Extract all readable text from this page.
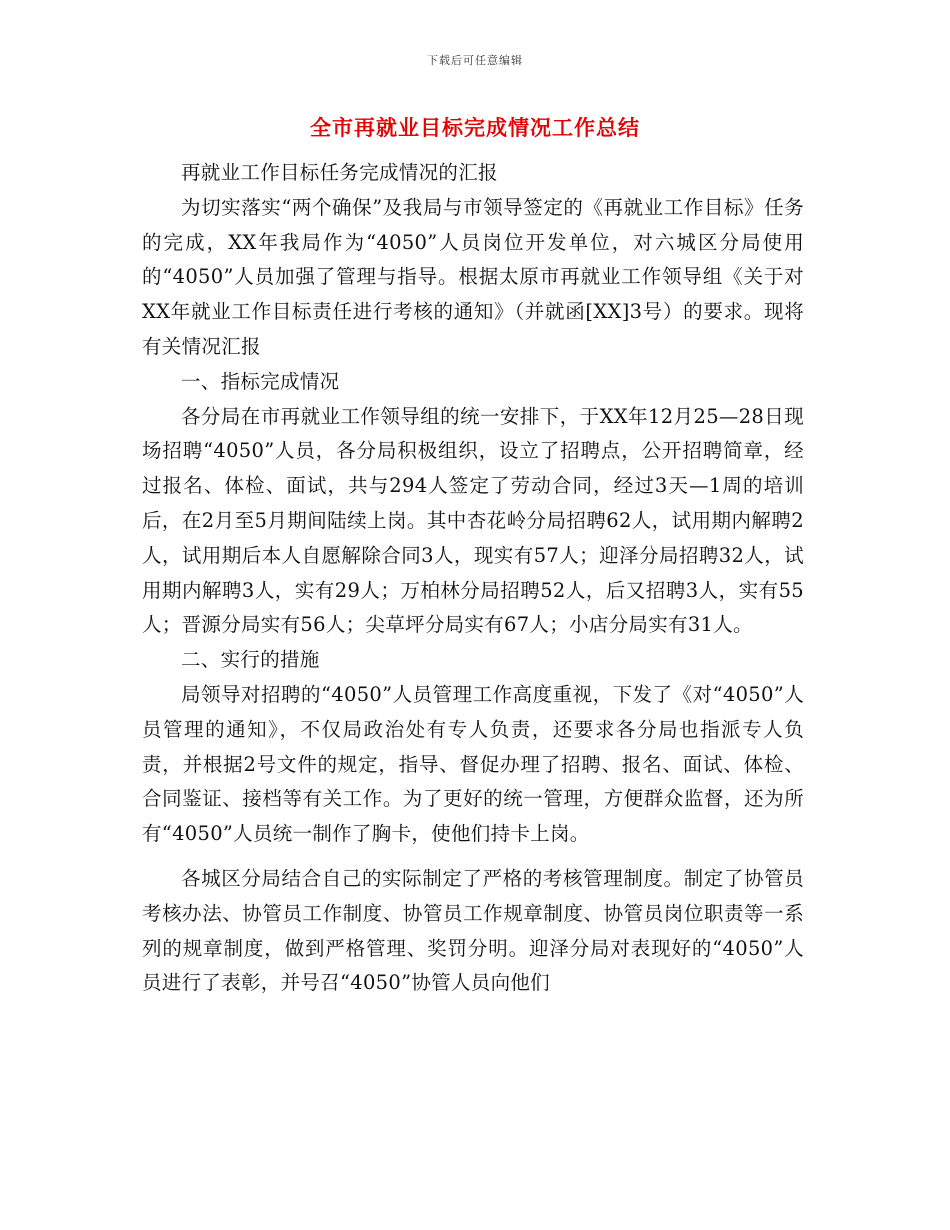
下载后可任意编辑
全市再就业目标完成情况工作总结

再就业工作目标任务完成情况的汇报

为切实落实“两个确保”及我局与市领导签定的《再就业工作目标》任务的完成，XX年我局作为“4050”人员岗位开发单位，对六城区分局使用的“4050”人员加强了管理与指导。根据太原市再就业工作领导组《关于对XX年就业工作目标责任进行考核的通知》（并就函[XX]3号）的要求。现将有关情况汇报

一、指标完成情况

各分局在市再就业工作领导组的统一安排下，于XX年12月25—28日现场招聘“4050”人员，各分局积极组织，设立了招聘点，公开招聘简章，经过报名、体检、面试，共与294人签定了劳动合同，经过3天—1周的培训后，在2月至5月期间陆续上岗。其中杏花岭分局招聘62人，试用期内解聘2人，试用期后本人自愿解除合同3人，现实有57人；迎泽分局招聘32人，试用期内解聘3人，实有29人；万柏林分局招聘52人，后又招聘3人，实有55人；晋源分局实有56人；尖草坪分局实有67人；小店分局实有31人。

二、实行的措施

局领导对招聘的“4050”人员管理工作高度重视，下发了《对“4050”人员管理的通知》，不仅局政治处有专人负责，还要求各分局也指派专人负责，并根据2号文件的规定，指导、督促办理了招聘、报名、面试、体检、合同鉴证、接档等有关工作。为了更好的统一管理，方便群众监督，还为所有“4050”人员统一制作了胸卡，使他们持卡上岗。

各城区分局结合自己的实际制定了严格的考核管理制度。制定了协管员考核办法、协管员工作制度、协管员工作规章制度、协管员岗位职责等一系列的规章制度，做到严格管理、奖罚分明。迎泽分局对表现好的“4050”人员进行了表彰，并号召“4050”协管人员向他们
